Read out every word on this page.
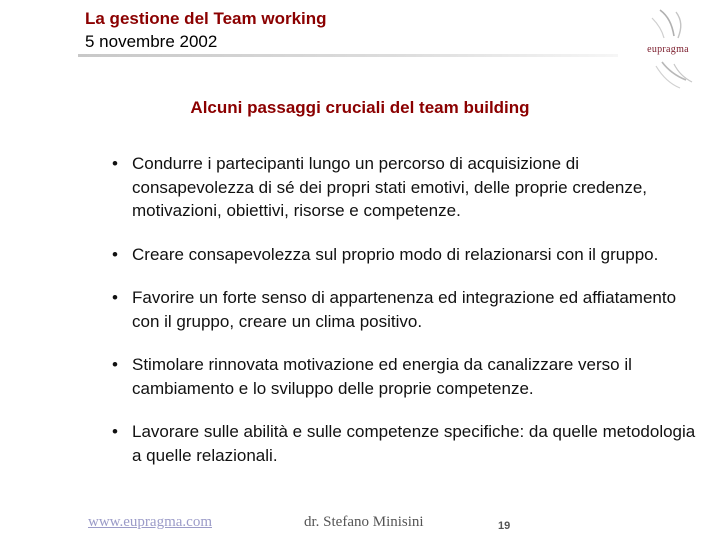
La gestione del Team working
5 novembre 2002	eupragma
Alcuni passaggi cruciali del team building
• Condurre i partecipanti lungo un percorso di acquisizione di consapevolezza di sé dei propri stati emotivi, delle proprie credenze, motivazioni, obiettivi, risorse e competenze.
• Creare consapevolezza sul proprio modo di relazionarsi con il gruppo.
• Favorire un forte senso di appartenenza ed integrazione ed affiatamento con il gruppo, creare un clima positivo.
• Stimolare rinnovata motivazione ed energia da canalizzare verso il cambiamento e lo sviluppo delle proprie competenze.
• Lavorare sulle abilità e sulle competenze specifiche: da quelle metodologia a quelle relazionali.
www.eupragma.com	dr. Stefano Minisini	19
